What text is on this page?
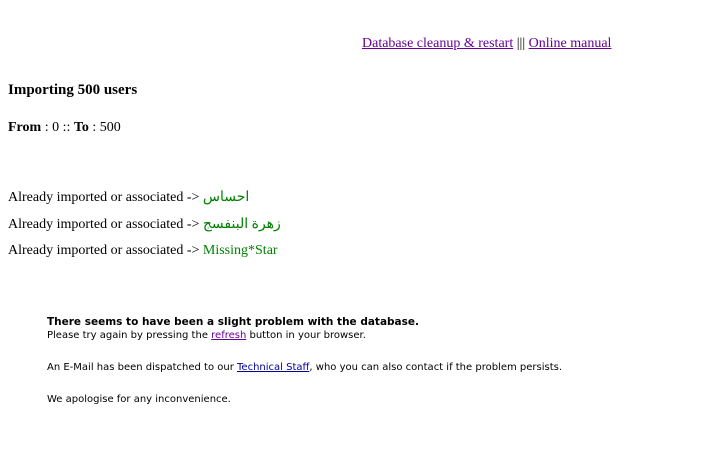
Database cleanup & restart ||| Online manual
Importing 500 users
From : 0 :: To : 500
Already imported or associated -> احساس
Already imported or associated -> زهرة البنفسج
Already imported or associated -> Missing*Star
There seems to have been a slight problem with the database.
Please try again by pressing the refresh button in your browser.
An E-Mail has been dispatched to our Technical Staff, who you can also contact if the problem persists.
We apologise for any inconvenience.
